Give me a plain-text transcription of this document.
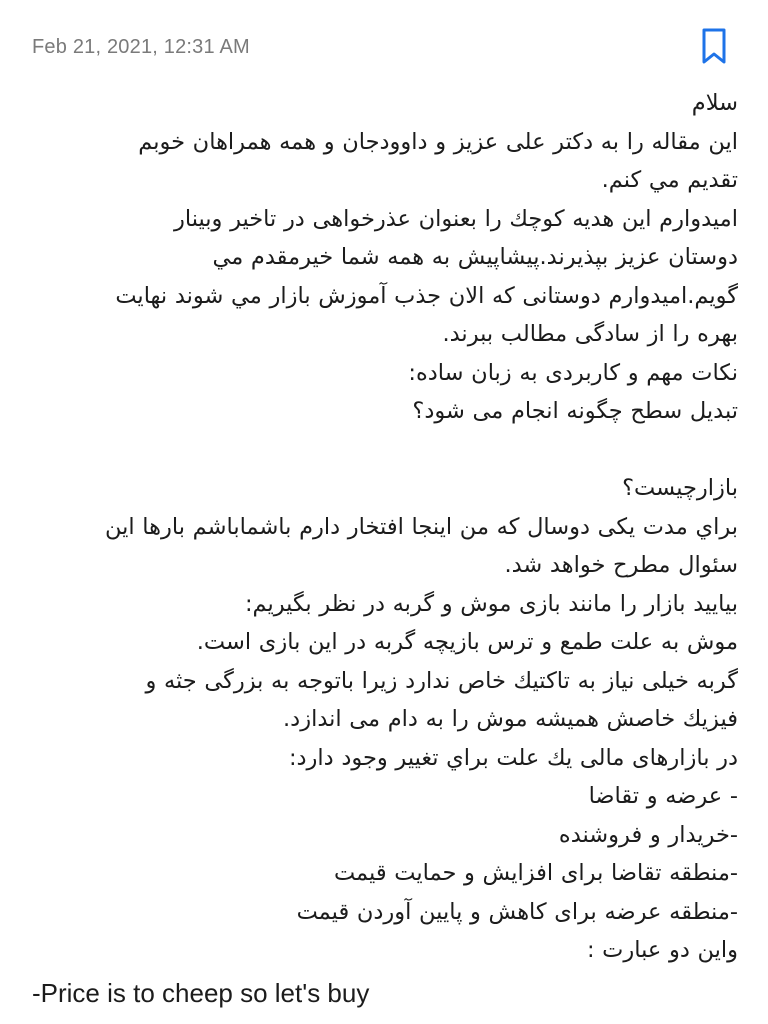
Feb 21, 2021, 12:31 AM

سلام

این مقاله را به دکتر علی عزیز و داوودجان و همه همراهان خوبم

تقديم مي كنم.

اميدوارم این هدیه کوچك را بعنوان عذرخواهی در تاخیر وبینار

دوستان عزیز بپذیرند.پیشاپیش به همه شما خیرمقدم مي

گويم.امیدوارم دوستانی که الان جذب آموزش بازار مي شوند نهایت

بهره را از سادگی مطالب ببرند.

نکات مهم و کاربردی به زبان ساده:

تبدیل سطح چگونه انجام می شود؟

بازارچیست؟

براي مدت یکی دوسال که من اینجا افتخار دارم باشماباشم بارها این

سئوال مطرح خواهد شد.

بیایید بازار را مانند بازی موش و گربه در نظر بگیریم:

موش به علت طمع و ترس بازیچه گربه در این بازی است.

گربه خیلی نیاز به تاکتیك خاص ندارد زیرا باتوجه به بزرگی جثه و

فیزیك خاصش همیشه موش را به دام می اندازد.

در بازارهای مالی يك علت براي تغییر وجود دارد:

- عرضه و تقاضا

-خریدار و فروشنده

-منطقه تقاضا برای افزایش و حمایت قیمت

-منطقه عرضه برای کاهش و پایین آوردن قیمت

واین دو عبارت :

-Price is to cheep so let's buy
